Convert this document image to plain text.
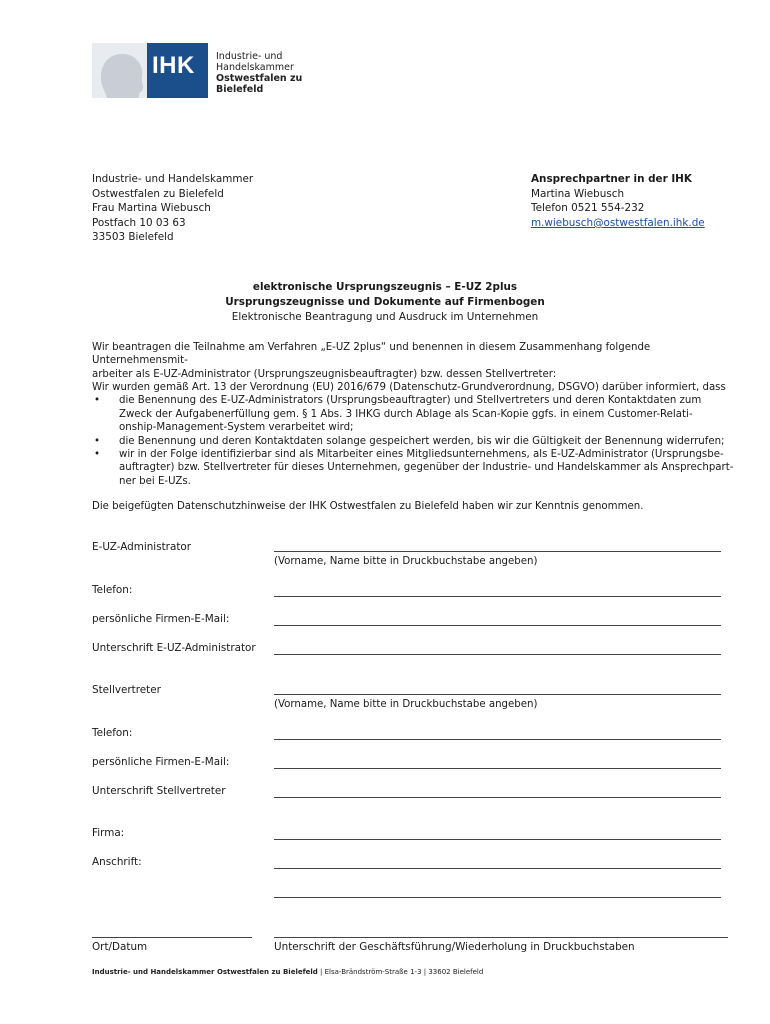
IHK Industrie- und Handelskammer
Ostwestfalen zu Bielefeld
Industrie- und Handelskammer
Ostwestfalen zu Bielefeld
Frau Martina Wiebusch
Postfach 10 03 63
33503 Bielefeld
Ansprechpartner in der IHK
Martina Wiebusch
Telefon 0521 554-232
m.wiebusch@ostwestfalen.ihk.de
elektronische Ursprungszeugnis – E-UZ 2plus
Ursprungszeugnisse und Dokumente auf Firmenbogen
Elektronische Beantragung und Ausdruck im Unternehmen
Wir beantragen die Teilnahme am Verfahren „E-UZ 2plus“ und benennen in diesem Zusammenhang folgende Unternehmensmit-
arbeiter als E-UZ-Administrator (Ursprungszeugnisbeauftragter) bzw. dessen Stellvertreter:
Wir wurden gemäß Art. 13 der Verordnung (EU) 2016/679 (Datenschutz-Grundverordnung, DSGVO) darüber informiert, dass
• die Benennung des E-UZ-Administrators (Ursprungsbeauftragter) und Stellvertreters und deren Kontaktdaten zum
Zweck der Aufgabenerfüllung gem. § 1 Abs. 3 IHKG durch Ablage als Scan-Kopie ggfs. in einem Customer-Relati-
onship-Management-System verarbeitet wird;
• die Benennung und deren Kontaktdaten solange gespeichert werden, bis wir die Gültigkeit der Benennung widerrufen;
• wir in der Folge identifizierbar sind als Mitarbeiter eines Mitgliedsunternehmens, als E-UZ-Administrator (Ursprungsbe-
auftragter) bzw. Stellvertreter für dieses Unternehmen, gegenüber der Industrie- und Handelskammer als Ansprechpart-
ner bei E-UZs.
Die beigefügten Datenschutzhinweise der IHK Ostwestfalen zu Bielefeld haben wir zur Kenntnis genommen.
E-UZ-Administrator
(Vorname, Name bitte in Druckbuchstabe angeben)
Telefon:
persönliche Firmen-E-Mail:
Unterschrift E-UZ-Administrator
Stellvertreter
(Vorname, Name bitte in Druckbuchstabe angeben)
Telefon:
persönliche Firmen-E-Mail:
Unterschrift Stellvertreter
Firma:
Anschrift:
Ort/Datum	Unterschrift der Geschäftsführung/Wiederholung in Druckbuchstaben
Industrie- und Handelskammer Ostwestfalen zu Bielefeld | Elsa-Brändström-Straße 1-3 | 33602 Bielefeld
